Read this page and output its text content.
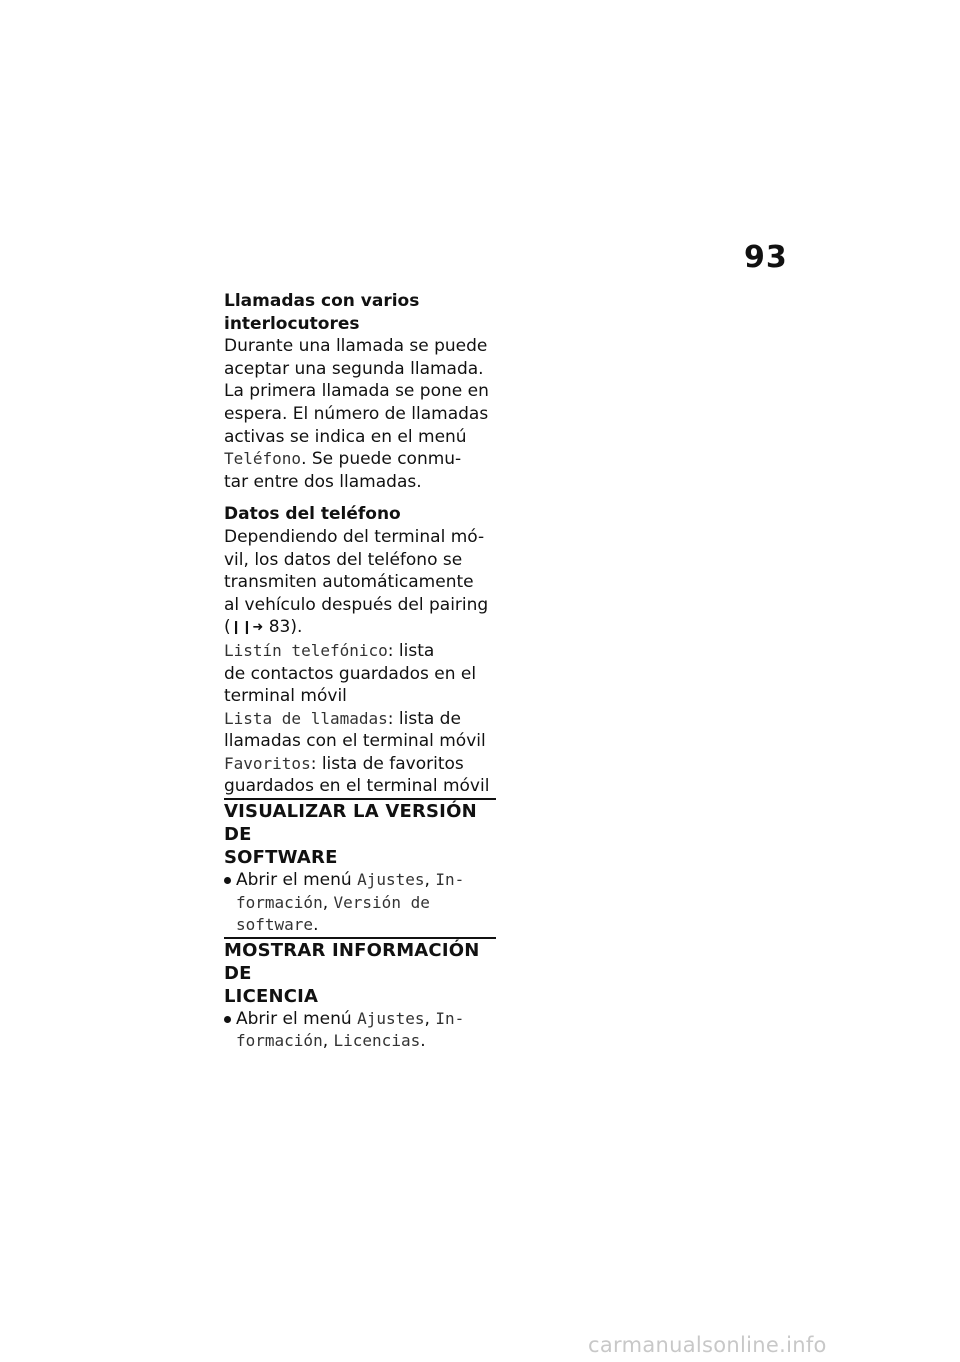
93
Llamadas con varios
interlocutores
Durante una llamada se puede
aceptar una segunda llamada.
La primera llamada se pone en
espera. El número de llamadas
activas se indica en el menú
Teléfono. Se puede conmu-
tar entre dos llamadas.
Datos del teléfono
Dependiendo del terminal mó-
vil, los datos del teléfono se
transmiten automáticamente
al vehículo después del pairing
(❙❙➜ 83).
Listín telefónico: lista
de contactos guardados en el
terminal móvil
Lista de llamadas: lista de
llamadas con el terminal móvil
Favoritos: lista de favoritos
guardados en el terminal móvil
VISUALIZAR LA VERSIÓN DE
SOFTWARE
Abrir el menú Ajustes, In-
formación, Versión de
software.
MOSTRAR INFORMACIÓN DE
LICENCIA
Abrir el menú Ajustes, In-
formación, Licencias.
carmanualsonline.info
